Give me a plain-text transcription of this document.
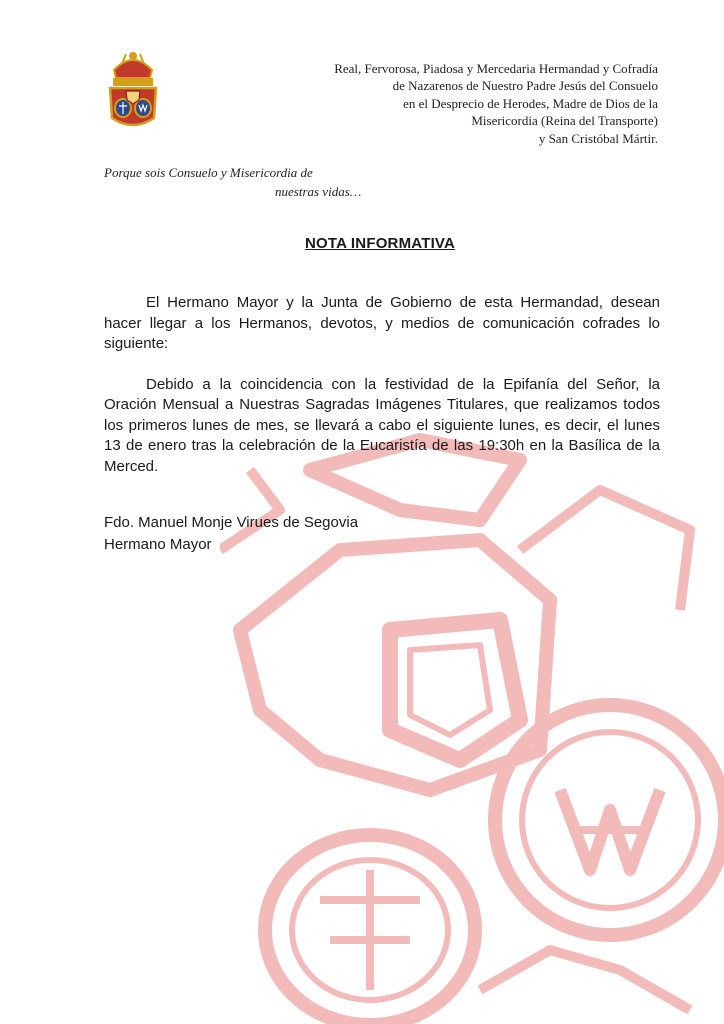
Real, Fervorosa, Piadosa y Mercedaria Hermandad y Cofradía
de Nazarenos de Nuestro Padre Jesús del Consuelo
en el Desprecio de Herodes, Madre de Dios de la
Misericordia (Reina del Transporte)
y San Cristóbal Mártir.
Porque sois Consuelo y Misericordia de
nuestras vidas…
NOTA INFORMATIVA

El Hermano Mayor y la Junta de Gobierno de esta Hermandad, desean hacer llegar a los Hermanos, devotos, y medios de comunicación cofrades lo siguiente:

Debido a la coincidencia con la festividad de la Epifanía del Señor, la Oración Mensual a Nuestras Sagradas Imágenes Titulares, que realizamos todos los primeros lunes de mes, se llevará a cabo el siguiente lunes, es decir, el lunes 13 de enero tras la celebración de la Eucaristía de las 19:30h en la Basílica de la Merced.

Fdo. Manuel Monje Virues de Segovia
Hermano Mayor
